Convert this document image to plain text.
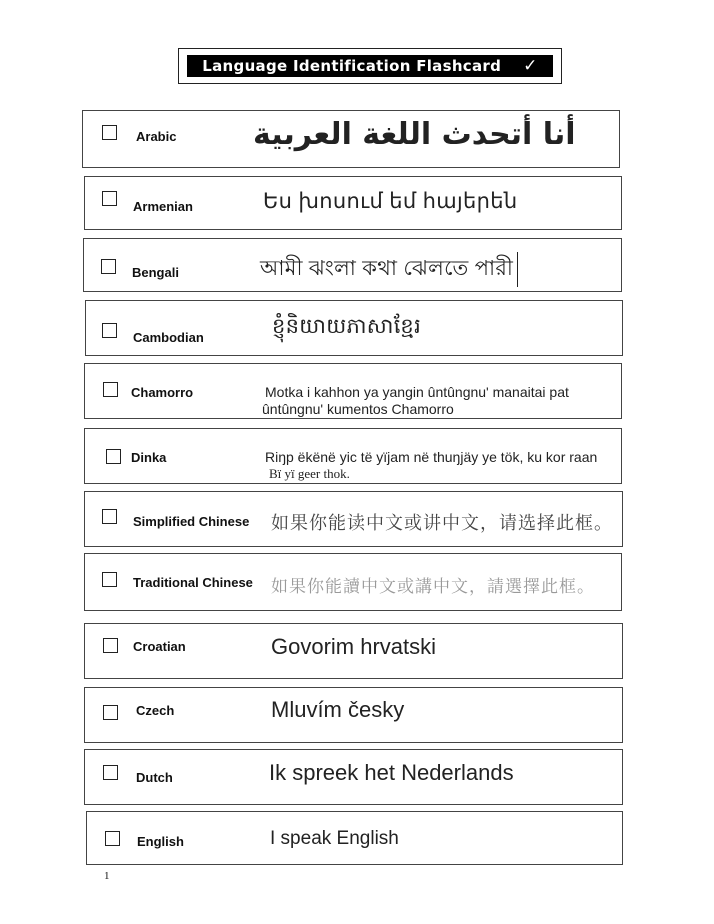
Language Identification Flashcard ✓
Arabic	أنا أتحدث اللغة العربية
Armenian	Ես խոսում եմ հայերեն
Bengali	আমী ঝংলা কথা ঝেলতে পারী
Cambodian	ខ្ញុំនិយាយភាសាខ្មែរ
Chamorro	Motka i kahhon ya yangin ûntûngnu' manaitai pat
ûntûngnu' kumentos Chamorro
Dinka	Riŋp ëkënë yic të yïjam në thuŋjäy ye tök, ku kor raan
Bï yï geer thok.
Simplified Chinese 如果你能读中文或讲中文，请选择此框。
Traditional Chinese 如果你能讀中文或講中文，請選擇此框。
Croatian	Govorim hrvatski
Czech	Mluvím česky
Dutch	Ik spreek het Nederlands
English	I speak English
1
